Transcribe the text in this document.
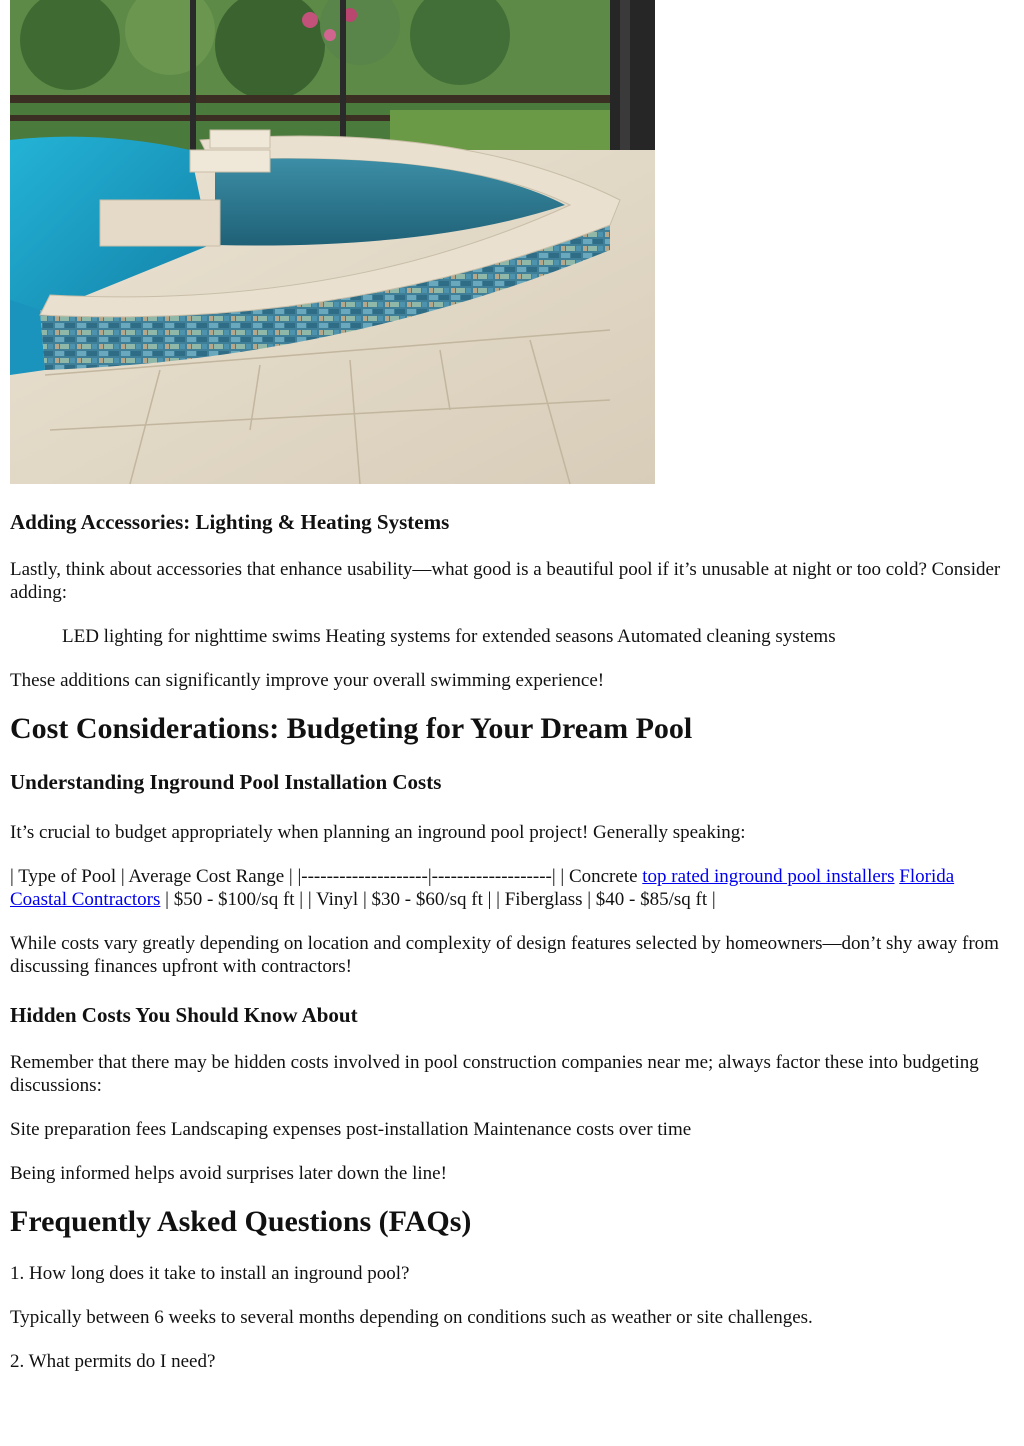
Adding Accessories: Lighting & Heating Systems

Lastly, think about accessories that enhance usability—what good is a beautiful pool if it’s unusable at night or too cold? Consider adding:

LED lighting for nighttime swims Heating systems for extended seasons Automated cleaning systems

These additions can significantly improve your overall swimming experience!

Cost Considerations: Budgeting for Your Dream Pool
Understanding Inground Pool Installation Costs

It’s crucial to budget appropriately when planning an inground pool project! Generally speaking:

| Type of Pool | Average Cost Range | |--------------------|-------------------| | Concrete top rated inground pool installers Florida Coastal Contractors | $50 - $100/sq ft | | Vinyl | $30 - $60/sq ft | | Fiberglass | $40 - $85/sq ft |

While costs vary greatly depending on location and complexity of design features selected by homeowners—don’t shy away from discussing finances upfront with contractors!

Hidden Costs You Should Know About

Remember that there may be hidden costs involved in pool construction companies near me; always factor these into budgeting discussions:

Site preparation fees Landscaping expenses post-installation Maintenance costs over time

Being informed helps avoid surprises later down the line!

Frequently Asked Questions (FAQs)

1. How long does it take to install an inground pool?

Typically between 6 weeks to several months depending on conditions such as weather or site challenges.

2. What permits do I need?
